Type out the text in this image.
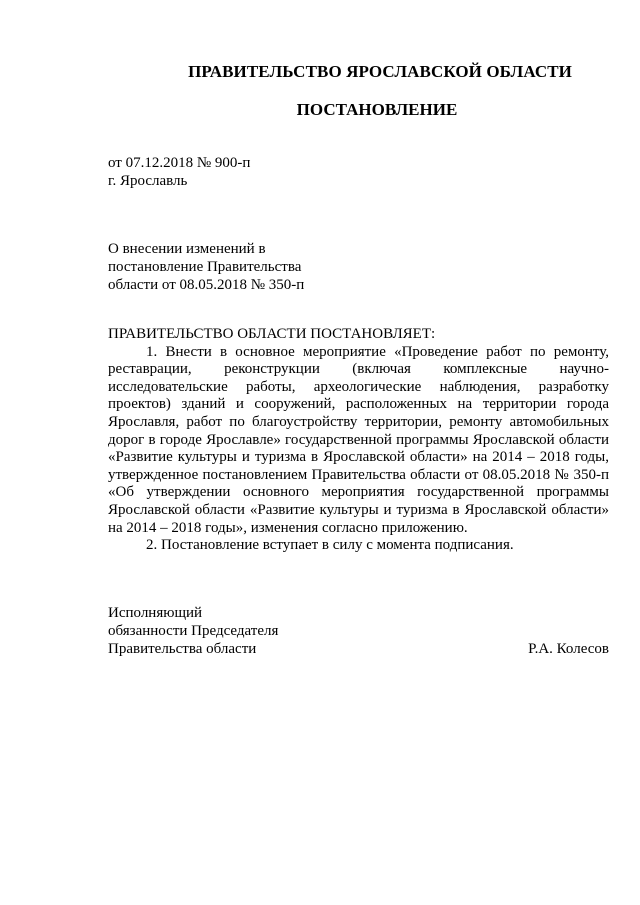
ПРАВИТЕЛЬСТВО ЯРОСЛАВСКОЙ ОБЛАСТИ
ПОСТАНОВЛЕНИЕ
от 07.12.2018 № 900-п
г. Ярославль
О внесении изменений в
постановление Правительства
области от 08.05.2018 № 350-п

ПРАВИТЕЛЬСТВО ОБЛАСТИ ПОСТАНОВЛЯЕТ:

1. Внести в основное мероприятие «Проведение работ по ремонту, реставрации, реконструкции (включая комплексные научно-исследовательские работы, археологические наблюдения, разработку проектов) зданий и сооружений, расположенных на территории города Ярославля, работ по благоустройству территории, ремонту автомобильных дорог в городе Ярославле» государственной программы Ярославской области «Развитие культуры и туризма в Ярославской области» на 2014 – 2018 годы, утвержденное постановлением Правительства области от 08.05.2018 № 350-п «Об утверждении основного мероприятия государственной программы Ярославской области «Развитие культуры и туризма в Ярославской области» на 2014 – 2018 годы», изменения согласно приложению.

2. Постановление вступает в силу с момента подписания.

Исполняющий
обязанности Председателя
Правительства области	Р.А. Колесов
